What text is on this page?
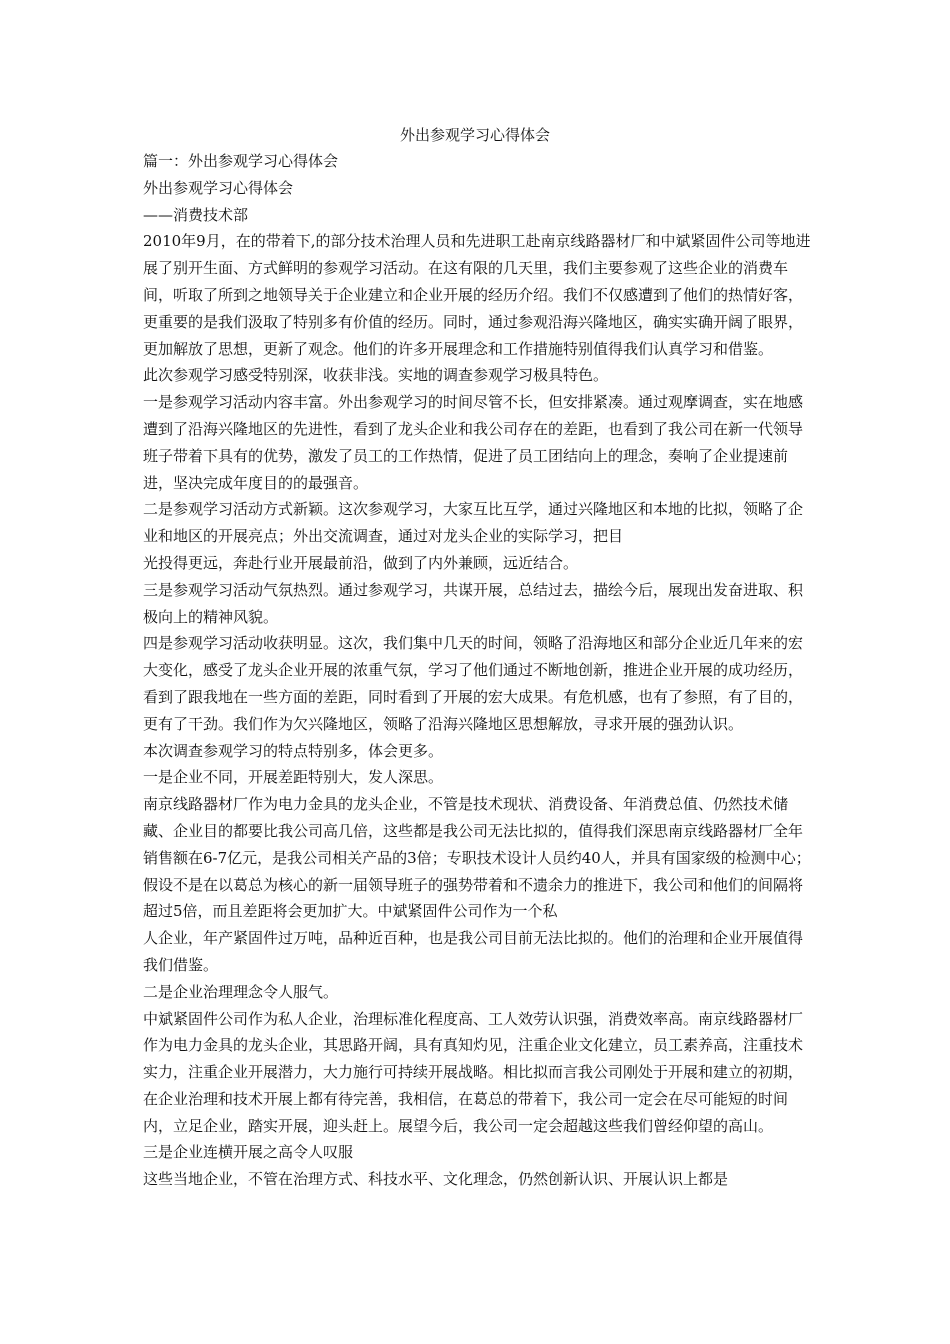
外出参观学习心得体会

篇一：外出参观学习心得体会

外出参观学习心得体会

——消费技术部

2010年9月，在的带着下,的部分技术治理人员和先进职工赴南京线路器材厂和中斌紧固件公司等地进展了别开生面、方式鲜明的参观学习活动。在这有限的几天里，我们主要参观了这些企业的消费车间，听取了所到之地领导关于企业建立和企业开展的经历介绍。我们不仅感遭到了他们的热情好客，更重要的是我们汲取了特别多有价值的经历。同时，通过参观沿海兴隆地区，确实实确开阔了眼界，更加解放了思想，更新了观念。他们的许多开展理念和工作措施特别值得我们认真学习和借鉴。

此次参观学习感受特别深，收获非浅。实地的调查参观学习极具特色。

一是参观学习活动内容丰富。外出参观学习的时间尽管不长，但安排紧凑。通过观摩调查，实在地感遭到了沿海兴隆地区的先进性，看到了龙头企业和我公司存在的差距，也看到了我公司在新一代领导班子带着下具有的优势，激发了员工的工作热情，促进了员工团结向上的理念，奏响了企业提速前进，坚决完成年度目的的最强音。

二是参观学习活动方式新颖。这次参观学习，大家互比互学，通过兴隆地区和本地的比拟，领略了企业和地区的开展亮点；外出交流调查，通过对龙头企业的实际学习，把目

光投得更远，奔赴行业开展最前沿，做到了内外兼顾，远近结合。

三是参观学习活动气氛热烈。通过参观学习，共谋开展，总结过去，描绘今后，展现出发奋进取、积极向上的精神风貌。

四是参观学习活动收获明显。这次，我们集中几天的时间，领略了沿海地区和部分企业近几年来的宏大变化，感受了龙头企业开展的浓重气氛，学习了他们通过不断地创新，推进企业开展的成功经历，看到了跟我地在一些方面的差距，同时看到了开展的宏大成果。有危机感，也有了参照，有了目的，更有了干劲。我们作为欠兴隆地区，领略了沿海兴隆地区思想解放，寻求开展的强劲认识。

本次调查参观学习的特点特别多，体会更多。

一是企业不同，开展差距特别大，发人深思。

南京线路器材厂作为电力金具的龙头企业，不管是技术现状、消费设备、年消费总值、仍然技术储藏、企业目的都要比我公司高几倍，这些都是我公司无法比拟的，值得我们深思南京线路器材厂全年销售额在6-7亿元，是我公司相关产品的3倍；专职技术设计人员约40人，并具有国家级的检测中心；假设不是在以葛总为核心的新一届领导班子的强势带着和不遗余力的推进下，我公司和他们的间隔将超过5倍，而且差距将会更加扩大。中斌紧固件公司作为一个私

人企业，年产紧固件过万吨，品种近百种，也是我公司目前无法比拟的。他们的治理和企业开展值得我们借鉴。

二是企业治理理念令人服气。

中斌紧固件公司作为私人企业，治理标准化程度高、工人效劳认识强，消费效率高。南京线路器材厂作为电力金具的龙头企业，其思路开阔，具有真知灼见，注重企业文化建立，员工素养高，注重技术实力，注重企业开展潜力，大力施行可持续开展战略。相比拟而言我公司刚处于开展和建立的初期，在企业治理和技术开展上都有待完善，我相信，在葛总的带着下，我公司一定会在尽可能短的时间内，立足企业，踏实开展，迎头赶上。展望今后，我公司一定会超越这些我们曾经仰望的高山。

三是企业连横开展之高令人叹服

这些当地企业，不管在治理方式、科技水平、文化理念，仍然创新认识、开展认识上都是
